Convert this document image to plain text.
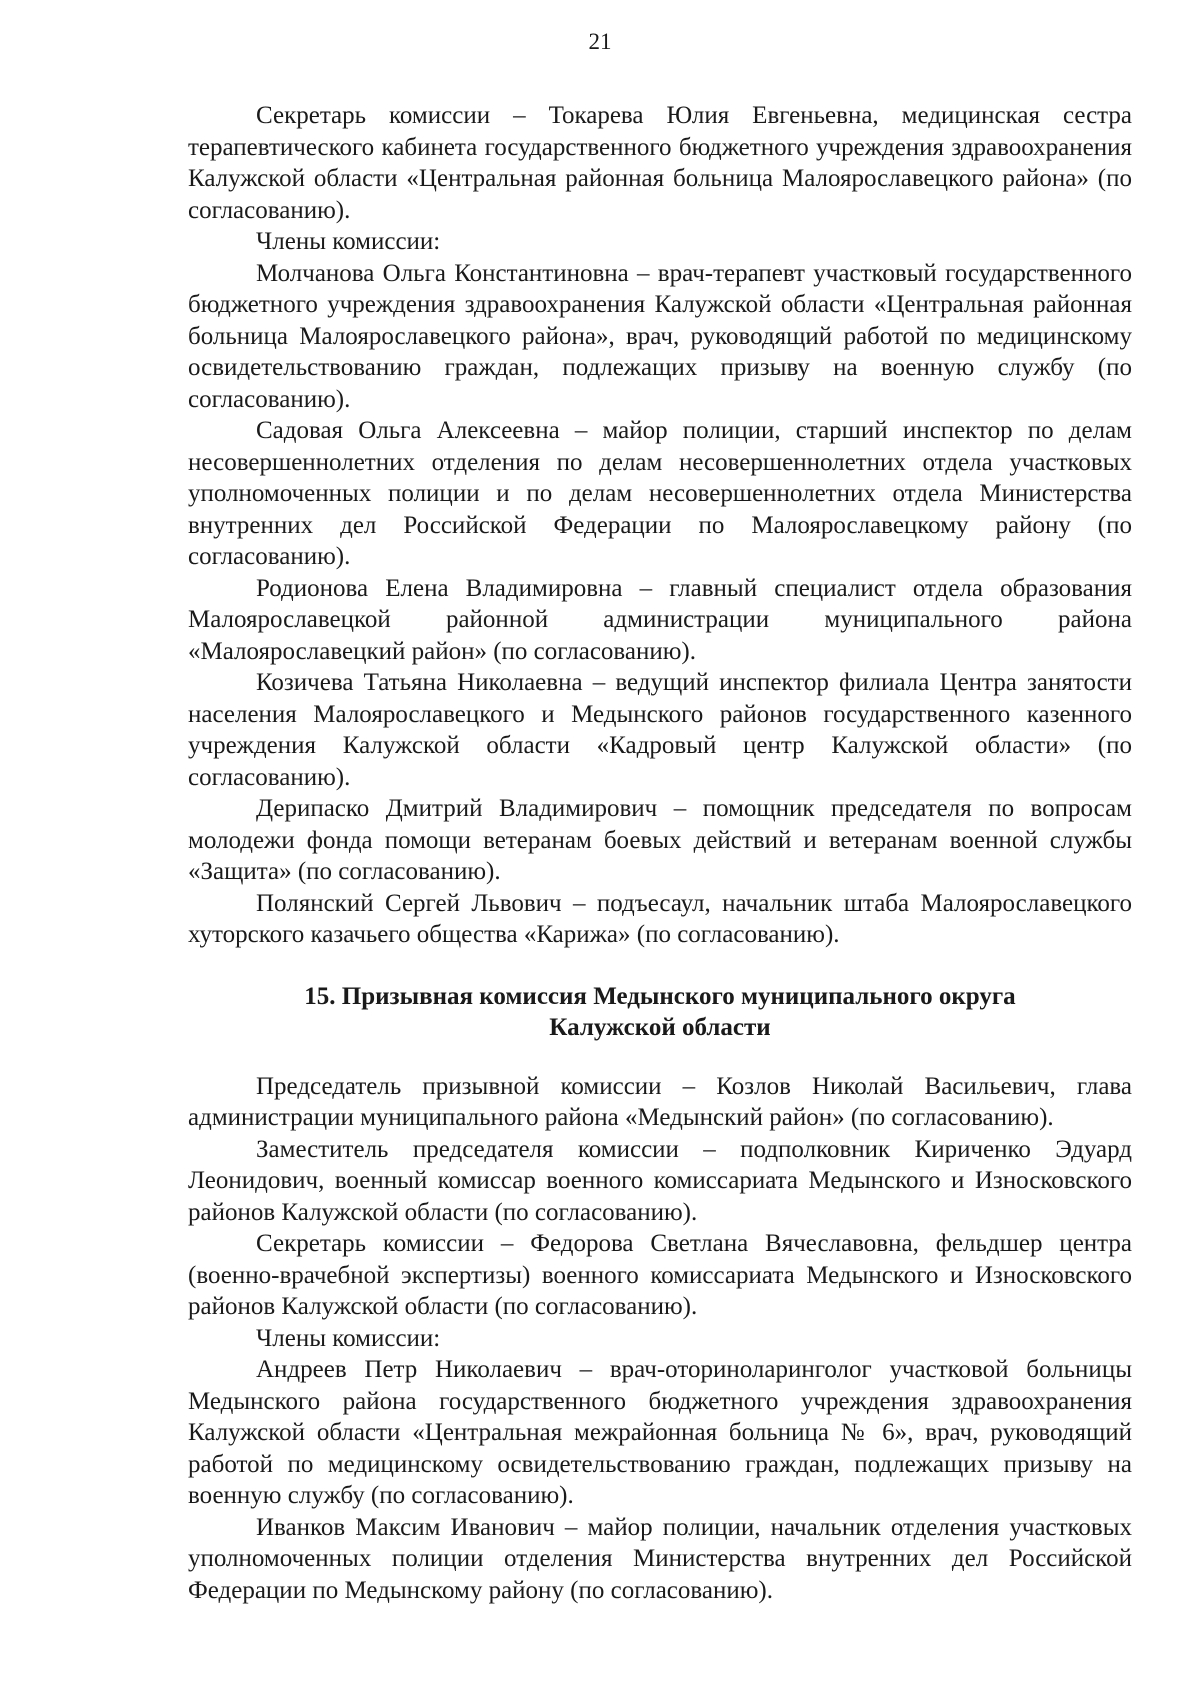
21

Секретарь комиссии – Токарева Юлия Евгеньевна, медицинская сестра терапевтического кабинета государственного бюджетного учреждения здравоохранения Калужской области «Центральная районная больница Малоярославецкого района» (по согласованию).

Члены комиссии:

Молчанова Ольга Константиновна – врач-терапевт участковый государственного бюджетного учреждения здравоохранения Калужской области «Центральная районная больница Малоярославецкого района», врач, руководящий работой по медицинскому освидетельствованию граждан, подлежащих призыву на военную службу (по согласованию).

Садовая Ольга Алексеевна – майор полиции, старший инспектор по делам несовершеннолетних отделения по делам несовершеннолетних отдела участковых уполномоченных полиции и по делам несовершеннолетних отдела Министерства внутренних дел Российской Федерации по Малоярославецкому району (по согласованию).

Родионова Елена Владимировна – главный специалист отдела образования Малоярославецкой районной администрации муниципального района «Малоярославецкий район» (по согласованию).

Козичева Татьяна Николаевна – ведущий инспектор филиала Центра занятости населения Малоярославецкого и Медынского районов государственного казенного учреждения Калужской области «Кадровый центр Калужской области» (по согласованию).

Дерипаско Дмитрий Владимирович – помощник председателя по вопросам молодежи фонда помощи ветеранам боевых действий и ветеранам военной службы «Защита» (по согласованию).

Полянский Сергей Львович – подъесаул, начальник штаба Малоярославецкого хуторского казачьего общества «Карижа» (по согласованию).

15. Призывная комиссия Медынского муниципального округа
Калужской области

Председатель призывной комиссии – Козлов Николай Васильевич, глава администрации муниципального района «Медынский район» (по согласованию).

Заместитель председателя комиссии – подполковник Кириченко Эдуард Леонидович, военный комиссар военного комиссариата Медынского и Износковского районов Калужской области (по согласованию).

Секретарь комиссии – Федорова Светлана Вячеславовна, фельдшер центра (военно-врачебной экспертизы) военного комиссариата Медынского и Износковского районов Калужской области (по согласованию).

Члены комиссии:

Андреев Петр Николаевич – врач-оториноларинголог участковой больницы Медынского района государственного бюджетного учреждения здравоохранения Калужской области «Центральная межрайонная больница № 6», врач, руководящий работой по медицинскому освидетельствованию граждан, подлежащих призыву на военную службу (по согласованию).

Иванков Максим Иванович – майор полиции, начальник отделения участковых уполномоченных полиции отделения Министерства внутренних дел Российской Федерации по Медынскому району (по согласованию).
